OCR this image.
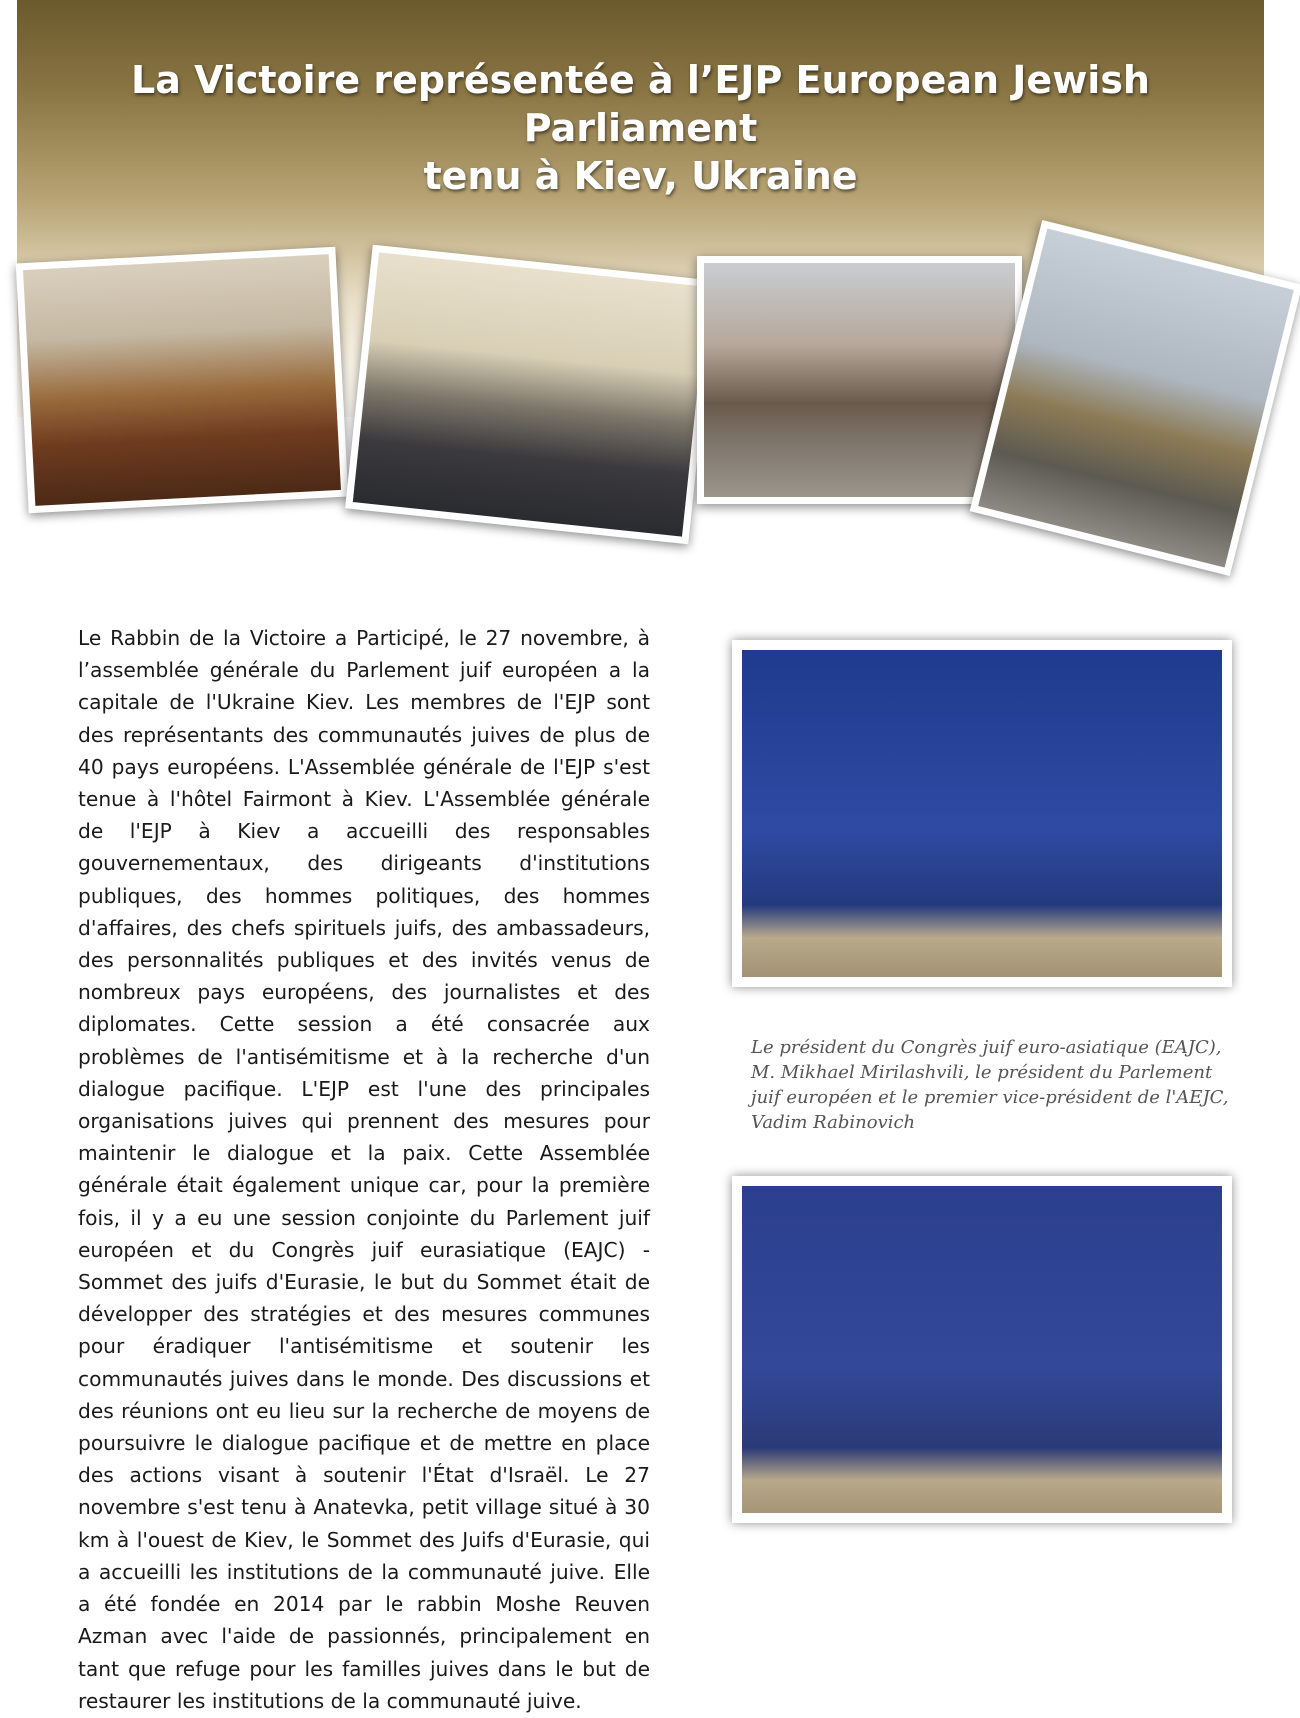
La Victoire représentée à l’EJP European Jewish
Parliament
tenu à Kiev, Ukraine

Le Rabbin de la Victoire a Participé, le 27 novembre, à l’assemblée générale du Parlement juif européen a la capitale de l'Ukraine Kiev. Les membres de l'EJP sont des représentants des communautés juives de plus de 40 pays européens. L'Assemblée générale de l'EJP s'est tenue à l'hôtel Fairmont à Kiev. L'Assemblée générale de l'EJP à Kiev a accueilli des responsables gouvernementaux, des dirigeants d'institutions publiques, des hommes politiques, des hommes d'affaires, des chefs spirituels juifs, des ambassadeurs, des personnalités publiques et des invités venus de nombreux pays européens, des journalistes et des diplomates. Cette session a été consacrée aux problèmes de l'antisémitisme et à la recherche d'un dialogue pacifique. L'EJP est l'une des principales organisations juives qui prennent des mesures pour maintenir le dialogue et la paix. Cette Assemblée générale était également unique car, pour la première fois, il y a eu une session conjointe du Parlement juif européen et du Congrès juif eurasiatique (EAJC) - Sommet des juifs d'Eurasie, le but du Sommet était de développer des stratégies et des mesures communes pour éradiquer l'antisémitisme et soutenir les communautés juives dans le monde. Des discussions et des réunions ont eu lieu sur la recherche de moyens de poursuivre le dialogue pacifique et de mettre en place des actions visant à soutenir l'État d'Israël. Le 27 novembre s'est tenu à Anatevka, petit village situé à 30 km à l'ouest de Kiev, le Sommet des Juifs d'Eurasie, qui a accueilli les institutions de la communauté juive. Elle a été fondée en 2014 par le rabbin Moshe Reuven Azman avec l'aide de passionnés, principalement en tant que refuge pour les familles juives dans le but de restaurer les institutions de la communauté juive.

Le président du Congrès juif euro-asiatique (EAJC), M. Mikhael Mirilashvili, le président du Parlement juif européen et le premier vice-président de l'AEJC, Vadim Rabinovich
